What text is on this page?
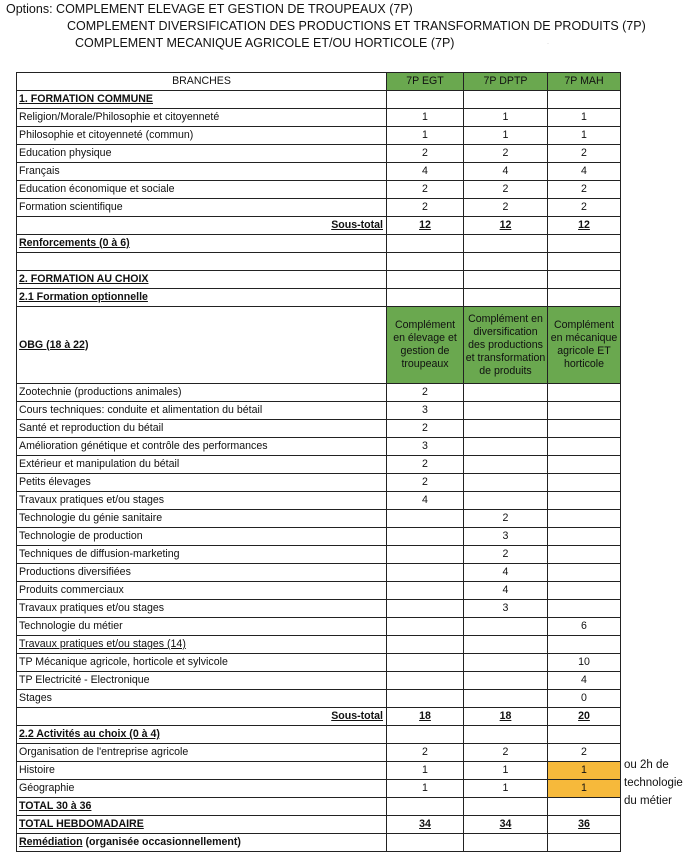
Options: COMPLEMENT ELEVAGE ET GESTION DE TROUPEAUX (7P)
COMPLEMENT DIVERSIFICATION DES PRODUCTIONS ET TRANSFORMATION DE PRODUITS (7P)
COMPLEMENT MECANIQUE AGRICOLE ET/OU HORTICOLE (7P)
BRANCHES	7P EGT	7P DPTP	7P MAH
1. FORMATION COMMUNE			
Religion/Morale/Philosophie et citoyenneté	1	1	1
Philosophie et citoyenneté (commun)	1	1	1
Education physique	2	2	2
Français	4	4	4
Education économique et sociale	2	2	2
Formation scientifique	2	2	2
Sous-total	12	12	12
Renforcements (0 à 6)			

2. FORMATION AU CHOIX			
2.1 Formation optionnelle			
OBG (18 à 22)	Complément en élevage et gestion de troupeaux	Complément en diversification des productions et transformation de produits	Complément en mécanique agricole ET horticole
Zootechnie (productions animales)	2		
Cours techniques: conduite et alimentation du bétail	3		
Santé et reproduction du bétail	2		
Amélioration génétique et contrôle des performances	3		
Extérieur et manipulation du bétail	2		
Petits élevages	2		
Travaux pratiques et/ou stages	4		
Technologie du génie sanitaire		2	
Technologie de production		3	
Techniques de diffusion-marketing		2	
Productions diversifiées		4	
Produits commerciaux		4	
Travaux pratiques et/ou stages		3	
Technologie du métier			6
Travaux pratiques et/ou stages (14)			
TP Mécanique agricole, horticole et sylvicole			10
TP Electricité - Electronique			4
Stages			0
Sous-total	18	18	20
2.2 Activités au choix (0 à 4)			
Organisation de l'entreprise agricole	2	2	2
Histoire	1	1	1
Géographie	1	1	1
TOTAL 30 à 36			
TOTAL HEBDOMADAIRE	34	34	36
Remédiation (organisée occasionnellement)			
ou 2h de
technologie
du métier
